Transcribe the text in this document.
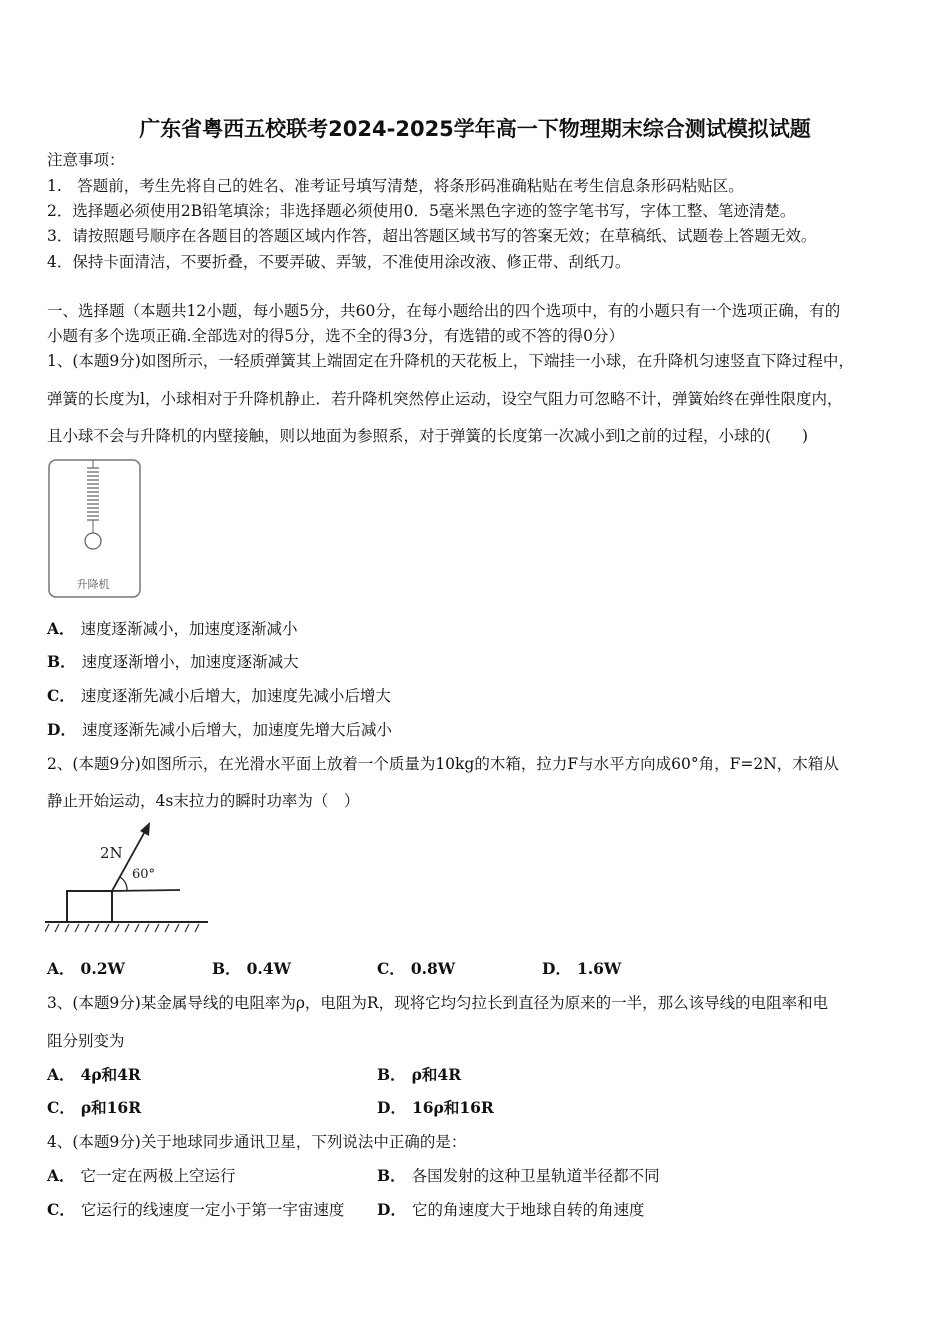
广东省粤西五校联考2024-2025学年高一下物理期末综合测试模拟试题
注意事项：
1.　答题前，考生先将自己的姓名、准考证号填写清楚，将条形码准确粘贴在考生信息条形码粘贴区。
2．选择题必须使用2B铅笔填涂；非选择题必须使用0．5毫米黑色字迹的签字笔书写，字体工整、笔迹清楚。
3．请按照题号顺序在各题目的答题区域内作答，超出答题区域书写的答案无效；在草稿纸、试题卷上答题无效。
4．保持卡面清洁，不要折叠，不要弄破、弄皱，不准使用涂改液、修正带、刮纸刀。
一、选择题（本题共12小题，每小题5分，共60分，在每小题给出的四个选项中，有的小题只有一个选项正确，有的
小题有多个选项正确.全部选对的得5分，选不全的得3分，有选错的或不答的得0分）
1、(本题9分)如图所示，一轻质弹簧其上端固定在升降机的天花板上，下端挂一小球，在升降机匀速竖直下降过程中，
弹簧的长度为l，小球相对于升降机静止．若升降机突然停止运动，设空气阻力可忽略不计，弹簧始终在弹性限度内，
且小球不会与升降机的内壁接触，则以地面为参照系，对于弹簧的长度第一次减小到l之前的过程，小球的(　　)
升降机
A． 速度逐渐减小，加速度逐渐减小
B． 速度逐渐增小，加速度逐渐减大
C． 速度逐渐先减小后增大，加速度先减小后增大
D． 速度逐渐先减小后增大，加速度先增大后减小
2、(本题9分)如图所示，在光滑水平面上放着一个质量为10kg的木箱，拉力F与水平方向成60°角，F=2N，木箱从
静止开始运动，4s末拉力的瞬时功率为（　）
2N
60°
A． 0.2W	B． 0.4W	C． 0.8W	D． 1.6W
3、(本题9分)某金属导线的电阻率为ρ，电阻为R，现将它均匀拉长到直径为原来的一半，那么该导线的电阻率和电
阻分别变为
A． 4ρ和4R	B． ρ和4R
C． ρ和16R	D． 16ρ和16R
4、(本题9分)关于地球同步通讯卫星，下列说法中正确的是：
A． 它一定在两极上空运行	B． 各国发射的这种卫星轨道半径都不同
C． 它运行的线速度一定小于第一宇宙速度 D． 它的角速度大于地球自转的角速度
